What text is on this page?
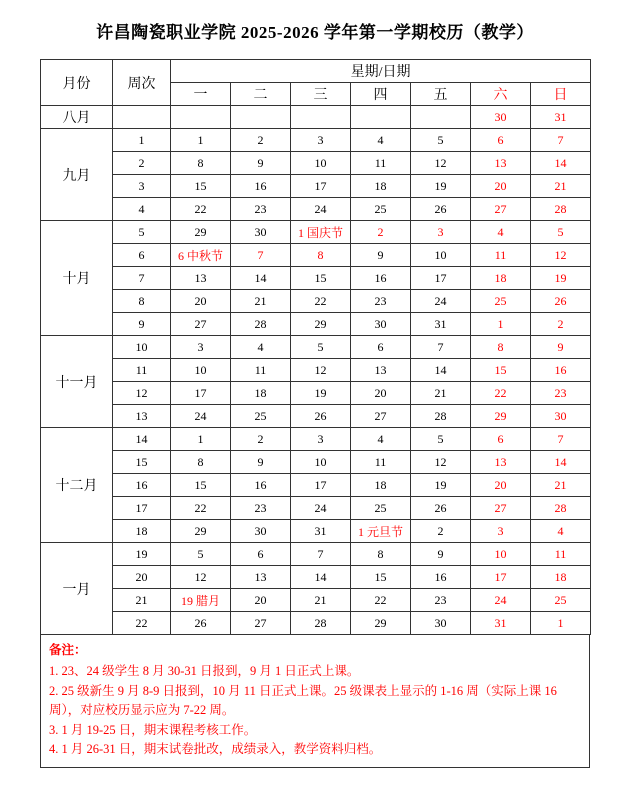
许昌陶瓷职业学院 2025-2026 学年第一学期校历（教学）
月份	周次	星期/日期						
		一	二	三	四	五	六	日
八月							30	31
九月	1	1	2	3	4	5	6	7
	2	8	9	10	11	12	13	14
	3	15	16	17	18	19	20	21
	4	22	23	24	25	26	27	28
十月	5	29	30	1 国庆节	2	3	4	5
	6	6 中秋节	7	8	9	10	11	12
	7	13	14	15	16	17	18	19
	8	20	21	22	23	24	25	26
	9	27	28	29	30	31	1	2
十一月	10	3	4	5	6	7	8	9
	11	10	11	12	13	14	15	16
	12	17	18	19	20	21	22	23
	13	24	25	26	27	28	29	30
十二月	14	1	2	3	4	5	6	7
	15	8	9	10	11	12	13	14
	16	15	16	17	18	19	20	21
	17	22	23	24	25	26	27	28
	18	29	30	31	1 元旦节	2	3	4
一月	19	5	6	7	8	9	10	11
	20	12	13	14	15	16	17	18
	21	19 腊月	20	21	22	23	24	25
	22	26	27	28	29	30	31	1
备注：
1. 23、24 级学生 8 月 30-31 日报到，9 月 1 日正式上课。
2. 25 级新生 9 月 8-9 日报到，10 月 11 日正式上课。25 级课表上显示的 1-16 周（实际上课 16 周），对应校历显示应为 7-22 周。
3. 1 月 19-25 日，期末课程考核工作。
4. 1 月 26-31 日，期末试卷批改，成绩录入，教学资料归档。
